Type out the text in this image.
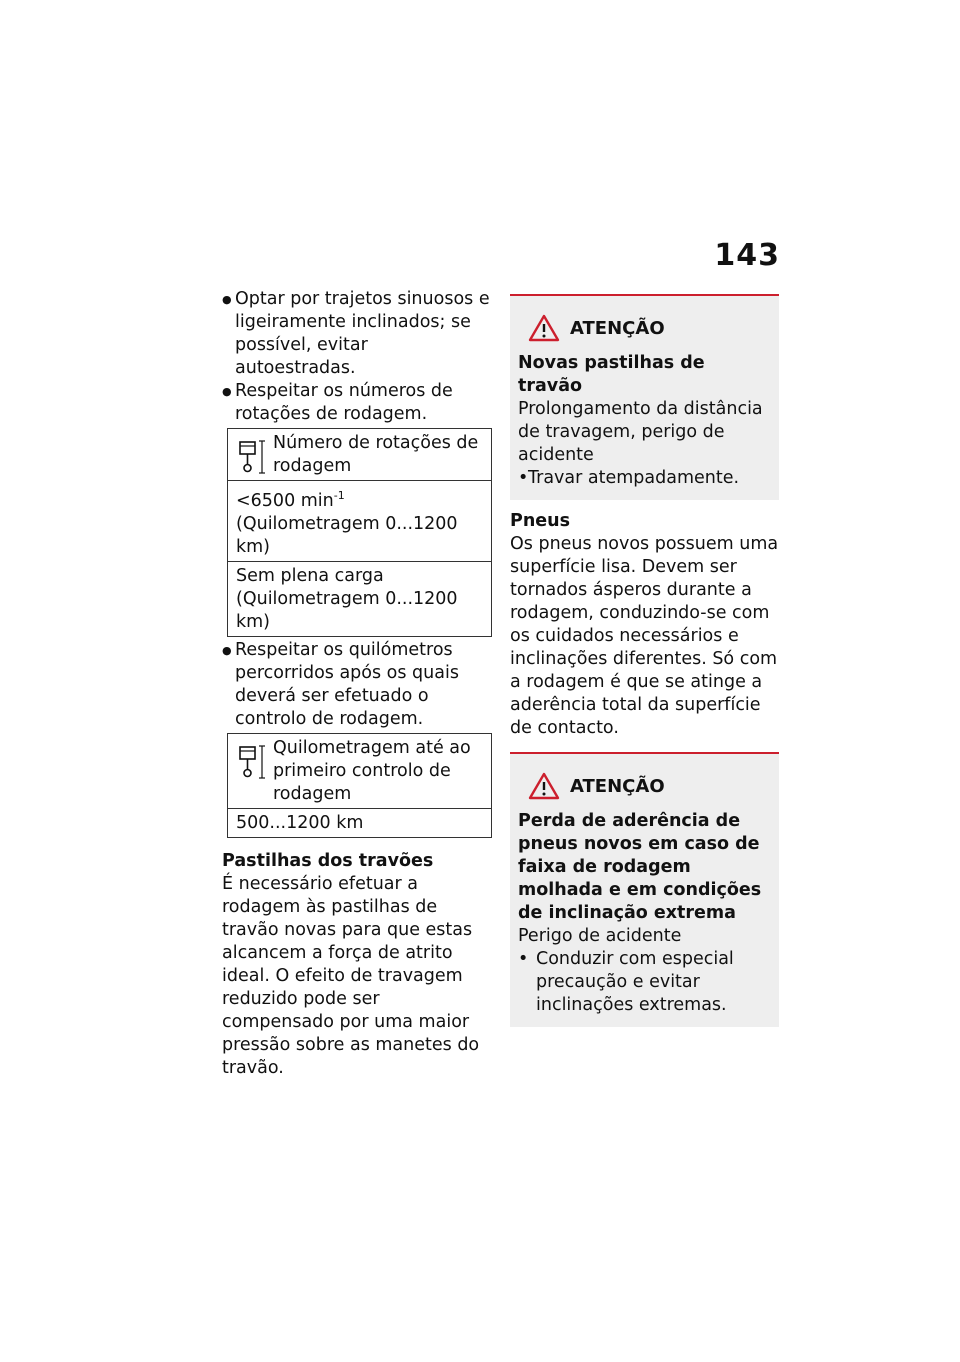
143
● Optar por trajetos sinuosos e ligeiramente inclinados; se possível, evitar autoestradas.
● Respeitar os números de rotações de rodagem.
Número de rotações de rodagem
<6500 $\min^{-1}$ (Quilometragem 0...1200 km)
Sem plena carga (Quilometragem 0...1200 km)
● Respeitar os quilómetros percorridos após os quais deverá ser efetuado o controlo de rodagem.
Quilometragem até ao primeiro controlo de rodagem
500...1200 km
Pastilhas dos travões
É necessário efetuar a rodagem às pastilhas de travão novas para que estas alcancem a força de atrito ideal. O efeito de travagem reduzido pode ser compensado por uma maior pressão sobre as manetes do travão.
ATENÇÃO
Novas pastilhas de travão
Prolongamento da distância de travagem, perigo de acidente
• Travar atempadamente.
Pneus
Os pneus novos possuem uma superfície lisa. Devem ser tornados ásperos durante a rodagem, conduzindo-se com os cuidados necessários e inclinações diferentes. Só com a rodagem é que se atinge a aderência total da superfície de contacto.
ATENÇÃO
Perda de aderência de pneus novos em caso de faixa de rodagem molhada e em condições de inclinação extrema
Perigo de acidente
• Conduzir com especial precaução e evitar inclinações extremas.
